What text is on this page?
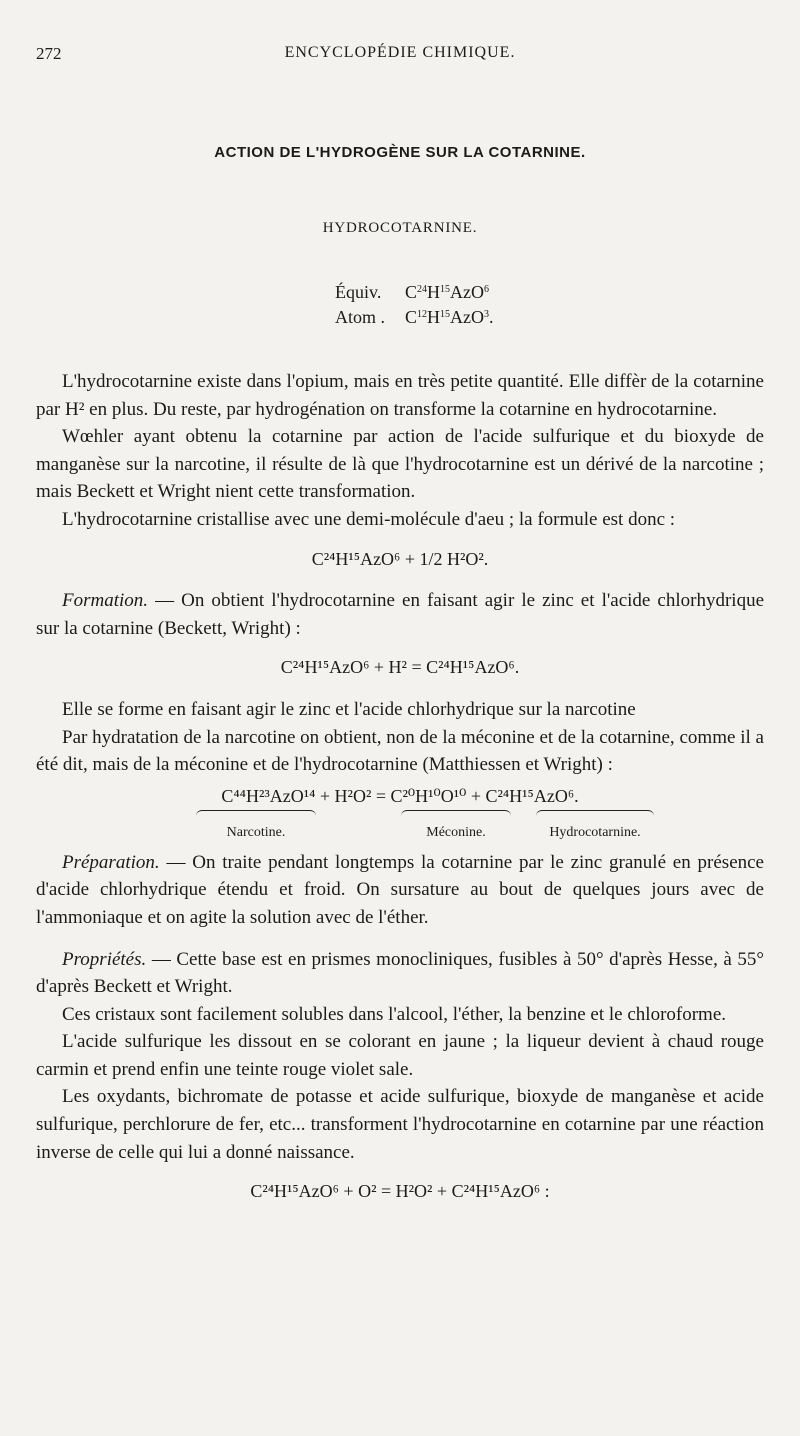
272	ENCYCLOPÉDIE CHIMIQUE.
ACTION DE L'HYDROGÈNE SUR LA COTARNINE.
HYDROCOTARNINE.
Équiv. $C^{24}H^{15}AzO^6$
Atom . $C^{12}H^{15}AzO^3$.

L'hydrocotarnine existe dans l'opium, mais en très petite quantité. Elle diffèr de la cotarnine par H² en plus. Du reste, par hydrogénation on transforme la cotarnine en hydrocotarnine.

Wœhler ayant obtenu la cotarnine par action de l'acide sulfurique et du bioxyde de manganèse sur la narcotine, il résulte de là que l'hydrocotarnine est un dérivé de la narcotine ; mais Beckett et Wright nient cette transformation.

L'hydrocotarnine cristallise avec une demi-molécule d'aeu ; la formule est donc :

C²⁴H¹⁵AzO⁶ + 1/2 H²O².

Formation. — On obtient l'hydrocotarnine en faisant agir le zinc et l'acide chlorhydrique sur la cotarnine (Beckett, Wright) :

C²⁴H¹⁵AzO⁶ + H² = C²⁴H¹⁵AzO⁶.

Elle se forme en faisant agir le zinc et l'acide chlorhydrique sur la narcotine

Par hydratation de la narcotine on obtient, non de la méconine et de la cotarnine, comme il a été dit, mais de la méconine et de l'hydrocotarnine (Matthiessen et Wright) :

C⁴⁴H²³AzO¹⁴ + H²O² = C²⁰H¹⁰O¹⁰ + C²⁴H¹⁵AzO⁶.
Narcotine.	Méconine.	Hydrocotarnine.

Préparation. — On traite pendant longtemps la cotarnine par le zinc granulé en présence d'acide chlorhydrique étendu et froid. On sursature au bout de quelques jours avec de l'ammoniaque et on agite la solution avec de l'éther.

Propriétés. — Cette base est en prismes monocliniques, fusibles à 50° d'après Hesse, à 55° d'après Beckett et Wright.

Ces cristaux sont facilement solubles dans l'alcool, l'éther, la benzine et le chloroforme.

L'acide sulfurique les dissout en se colorant en jaune ; la liqueur devient à chaud rouge carmin et prend enfin une teinte rouge violet sale.

Les oxydants, bichromate de potasse et acide sulfurique, bioxyde de manganèse et acide sulfurique, perchlorure de fer, etc... transforment l'hydrocotarnine en cotarnine par une réaction inverse de celle qui lui a donné naissance.

C²⁴H¹⁵AzO⁶ + O² = H²O² + C²⁴H¹⁵AzO⁶ :
